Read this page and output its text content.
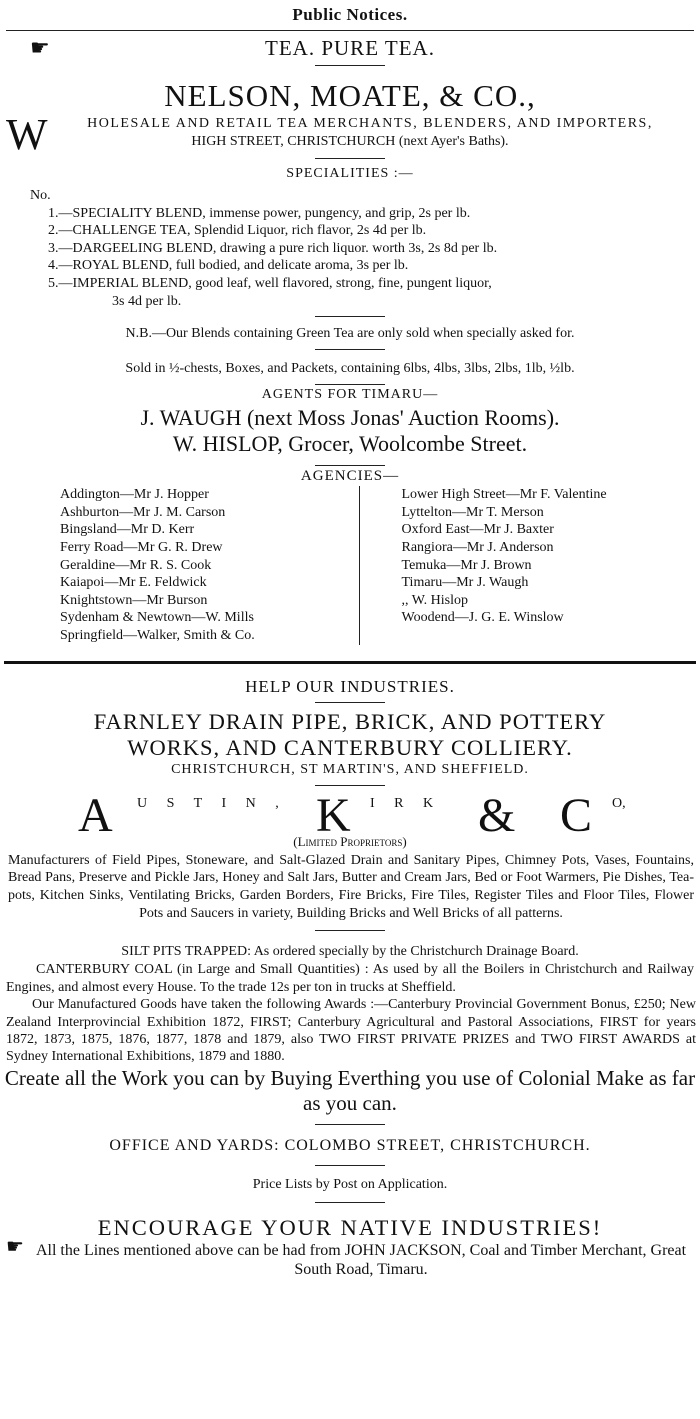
Public Notices.
☛	TEA. PURE TEA.
NELSON, MOATE, & CO.,
W	HOLESALE AND RETAIL TEA MERCHANTS, BLENDERS, AND IMPORTERS,
HIGH STREET, CHRISTCHURCH (next Ayer's Baths).
SPECIALITIES :—
No.
1.—SPECIALITY BLEND, immense power, pungency, and grip, 2s per lb.
2.—CHALLENGE TEA, Splendid Liquor, rich flavor, 2s 4d per lb.
3.—DARGEELING BLEND, drawing a pure rich liquor. worth 3s, 2s 8d per lb.
4.—ROYAL BLEND, full bodied, and delicate aroma, 3s per lb.
5.—IMPERIAL BLEND, good leaf, well flavored, strong, fine, pungent liquor,
3s 4d per lb.
N.B.—Our Blends containing Green Tea are only sold when specially asked for.
Sold in ½-chests, Boxes, and Packets, containing 6lbs, 4lbs, 3lbs, 2lbs, 1lb, ½lb.
AGENTS FOR TIMARU—
J. WAUGH (next Moss Jonas' Auction Rooms).
W. HISLOP, Grocer, Woolcombe Street.
AGENCIES—
Addington—Mr J. Hopper
Ashburton—Mr J. M. Carson
Bingsland—Mr D. Kerr
Ferry Road—Mr G. R. Drew
Geraldine—Mr R. S. Cook
Kaiapoi—Mr E. Feldwick
Knightstown—Mr Burson
Sydenham & Newtown—W. Mills
Springfield—Walker, Smith & Co.
Lower High Street—Mr F. Valentine
Lyttelton—Mr T. Merson
Oxford East—Mr J. Baxter
Rangiora—Mr J. Anderson
Temuka—Mr J. Brown
Timaru—Mr J. Waugh
,, W. Hislop
Woodend—J. G. E. Winslow
HELP OUR INDUSTRIES.
FARNLEY DRAIN PIPE, BRICK, AND POTTERY
WORKS, AND CANTERBURY COLLIERY.
CHRISTCHURCH, ST MARTIN'S, AND SHEFFIELD.
A U S T I N , K I R K & C O,
(Limited Proprietors)
Manufacturers of Field Pipes, Stoneware, and Salt-Glazed Drain and Sanitary Pipes, Chimney Pots, Vases, Fountains, Bread Pans, Preserve and Pickle Jars, Honey and Salt Jars, Butter and Cream Jars, Bed or Foot Warmers, Pie Dishes, Tea-pots, Kitchen Sinks, Ventilating Bricks, Garden Borders, Fire Bricks, Fire Tiles, Register Tiles and Floor Tiles, Flower Pots and Saucers in variety, Building Bricks and Well Bricks of all patterns.
SILT PITS TRAPPED: As ordered specially by the Christchurch Drainage Board.
CANTERBURY COAL (in Large and Small Quantities) : As used by all the Boilers in Christchurch and Railway Engines, and almost every House. To the trade 12s per ton in trucks at Sheffield.
Our Manufactured Goods have taken the following Awards :—Canterbury Provincial Government Bonus, £250; New Zealand Interprovincial Exhibition 1872, FIRST; Canterbury Agricultural and Pastoral Associations, FIRST for years 1872, 1873, 1875, 1876, 1877, 1878 and 1879, also TWO FIRST PRIVATE PRIZES and TWO FIRST AWARDS at Sydney International Exhibitions, 1879 and 1880.
Create all the Work you can by Buying Everthing you use of Colonial Make as far as you can.
OFFICE AND YARDS: COLOMBO STREET, CHRISTCHURCH.
Price Lists by Post on Application.
ENCOURAGE YOUR NATIVE INDUSTRIES!
☛ All the Lines mentioned above can be had from JOHN JACKSON, Coal and Timber Merchant, Great South Road, Timaru.
